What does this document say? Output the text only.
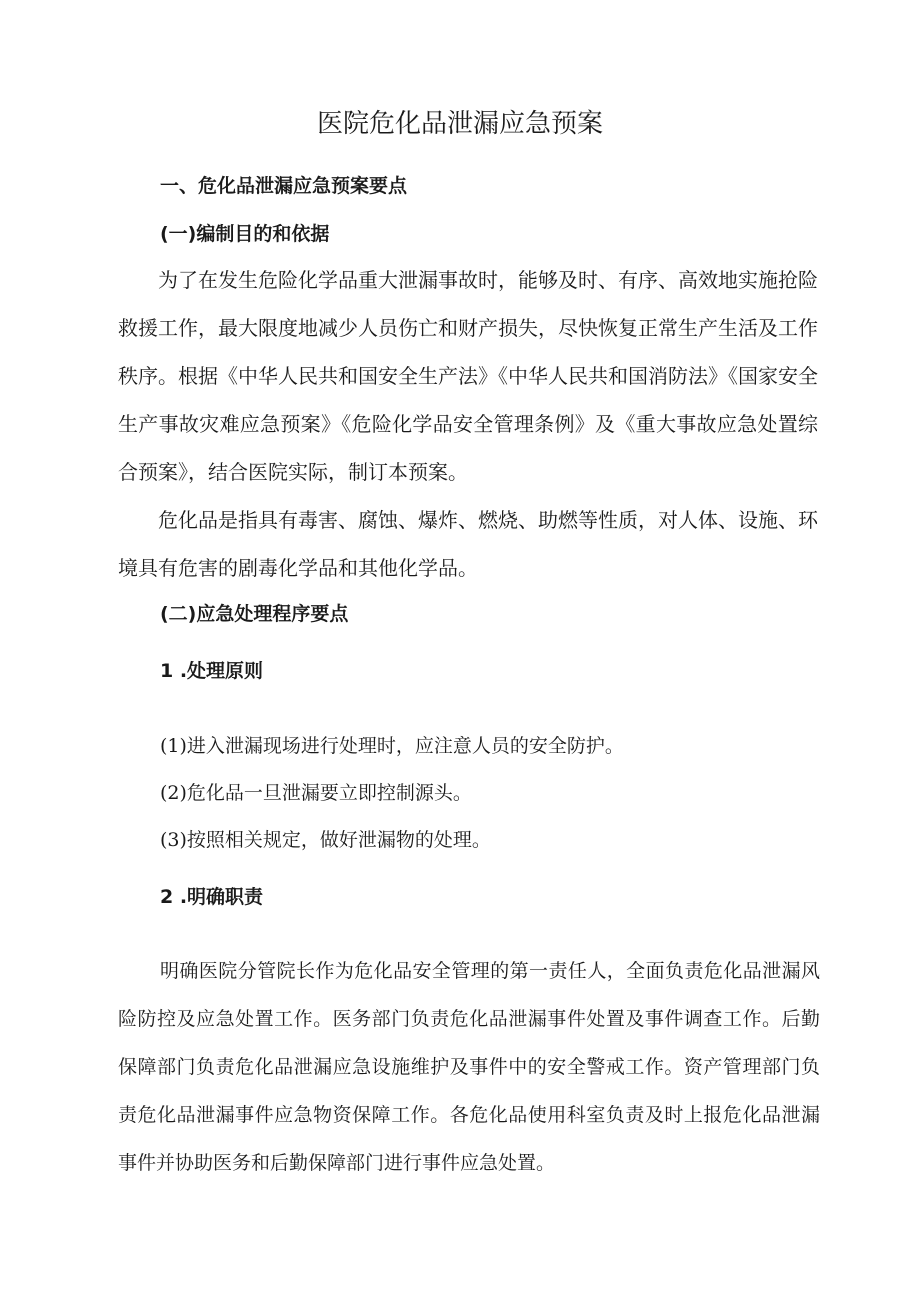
医院危化品泄漏应急预案

一、危化品泄漏应急预案要点

(一)编制目的和依据

为了在发生危险化学品重大泄漏事故时，能够及时、有序、高效地实施抢险救援工作，最大限度地减少人员伤亡和财产损失，尽快恢复正常生产生活及工作秩序。根据《中华人民共和国安全生产法》《中华人民共和国消防法》《国家安全生产事故灾难应急预案》《危险化学品安全管理条例》及《重大事故应急处置综合预案》，结合医院实际，制订本预案。

危化品是指具有毒害、腐蚀、爆炸、燃烧、助燃等性质，对人体、设施、环境具有危害的剧毒化学品和其他化学品。

(二)应急处理程序要点

1 .处理原则

(1)进入泄漏现场进行处理时，应注意人员的安全防护。

(2)危化品一旦泄漏要立即控制源头。

(3)按照相关规定，做好泄漏物的处理。

2 .明确职责

明确医院分管院长作为危化品安全管理的第一责任人，全面负责危化品泄漏风险防控及应急处置工作。医务部门负责危化品泄漏事件处置及事件调查工作。后勤保障部门负责危化品泄漏应急设施维护及事件中的安全警戒工作。资产管理部门负责危化品泄漏事件应急物资保障工作。各危化品使用科室负责及时上报危化品泄漏事件并协助医务和后勤保障部门进行事件应急处置。
